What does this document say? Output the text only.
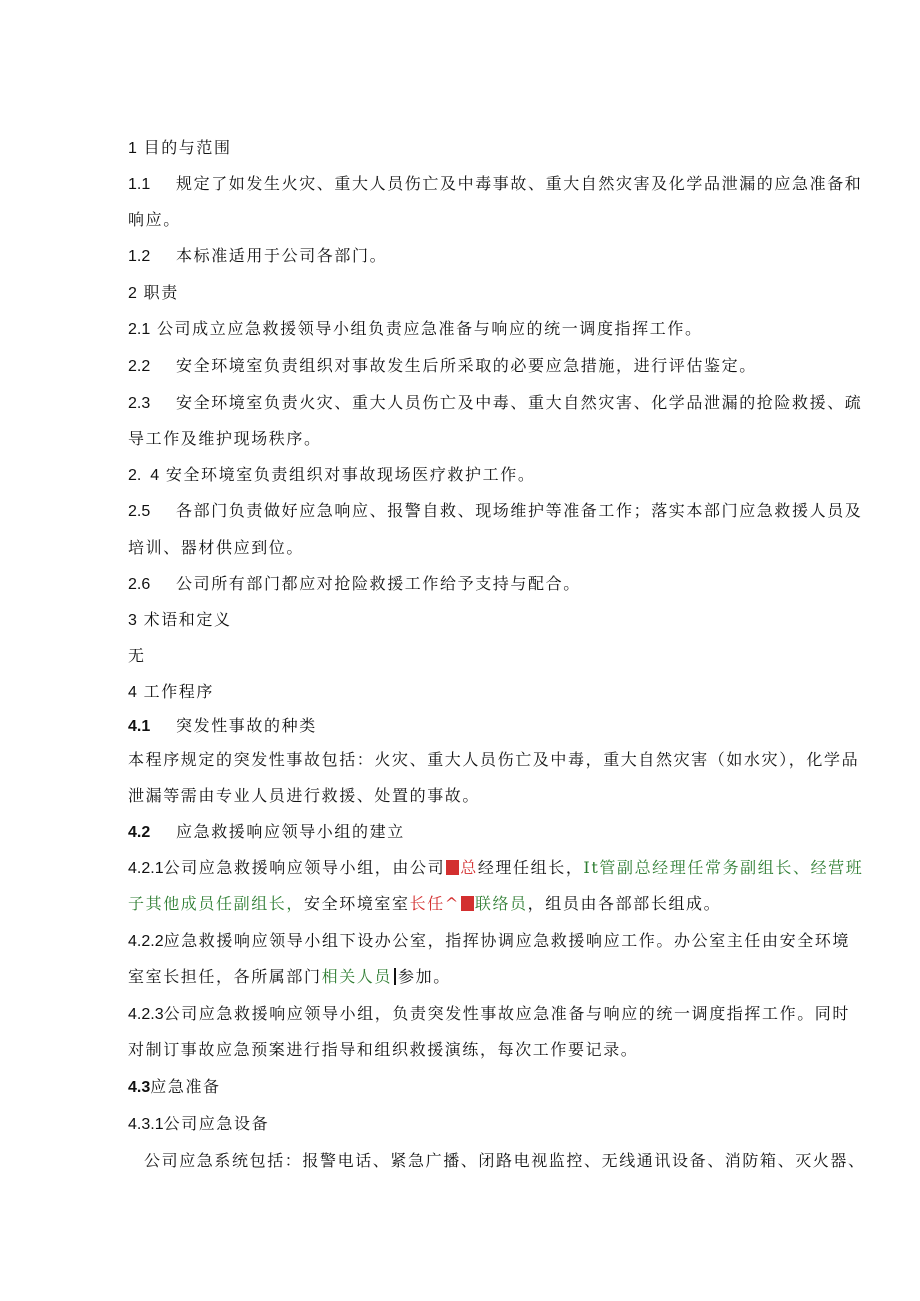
1 目的与范围
1.1 规定了如发生火灾、重大人员伤亡及中毒事故、重大自然灾害及化学品泄漏的应急准备和
响应。
1.2 本标准适用于公司各部门。
2 职责
2.1 公司成立应急救援领导小组负责应急准备与响应的统一调度指挥工作。
2.2 安全环境室负责组织对事故发生后所采取的必要应急措施，进行评估鉴定。
2.3 安全环境室负责火灾、重大人员伤亡及中毒、重大自然灾害、化学品泄漏的抢险救援、疏
导工作及维护现场秩序。
2.  4 安全环境室负责组织对事故现场医疗救护工作。
2.5 各部门负责做好应急响应、报警自救、现场维护等准备工作；落实本部门应急救援人员及
培训、器材供应到位。
2.6 公司所有部门都应对抢险救援工作给予支持与配合。
3 术语和定义
无
4 工作程序
4.1 突发性事故的种类
本程序规定的突发性事故包括：火灾、重大人员伤亡及中毒，重大自然灾害（如水灾），化学品
泄漏等需由专业人员进行救援、处置的事故。
4.2 应急救援响应领导小组的建立
4.2.1公司应急救援响应领导小组，由公司 总经理任组长，It管副总经理任常务副组长、经营班
子其他成员任副组长，安全环境室室长任^ 联络员，组员由各部部长组成。
4.2.2应急救援响应领导小组下设办公室，指挥协调应急救援响应工作。办公室主任由安全环境
室室长担任，各所属部门相关人员 参加。
4.2.3公司应急救援响应领导小组，负责突发性事故应急准备与响应的统一调度指挥工作。同时
对制订事故应急预案进行指导和组织救援演练，每次工作要记录。
4.3应急准备
4.3.1公司应急设备
公司应急系统包括：报警电话、紧急广播、闭路电视监控、无线通讯设备、消防箱、灭火器、
